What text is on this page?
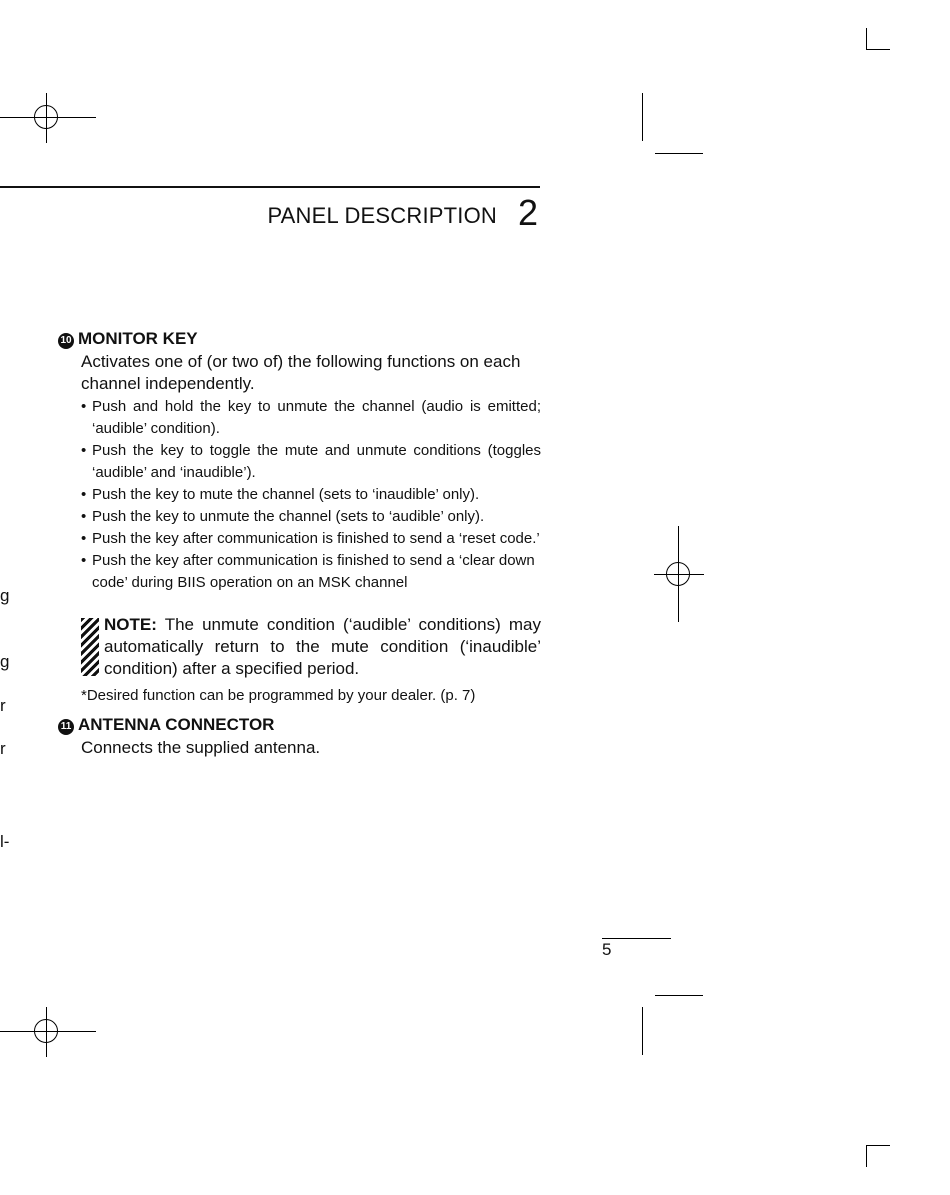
PANEL DESCRIPTION 2
g
g
r
r
l-
10 MONITOR KEY
Activates one of (or two of) the following functions on each channel independently.
• Push and hold the key to unmute the channel (audio is emitted; ‘audible’ condition).
• Push the key to toggle the mute and unmute conditions (toggles ‘audible’ and ‘inaudible’).
• Push the key to mute the channel (sets to ‘inaudible’ only).
• Push the key to unmute the channel (sets to ‘audible’ only).
• Push the key after communication is finished to send a ‘reset code.’
• Push the key after communication is finished to send a ‘clear down code’ during BIIS operation on an MSK channel
NOTE: The unmute condition (‘audible’ conditions) may automatically return to the mute condition (‘inaudible’ condition) after a specified period.
*Desired function can be programmed by your dealer. (p. 7)
11 ANTENNA CONNECTOR
Connects the supplied antenna.
5
